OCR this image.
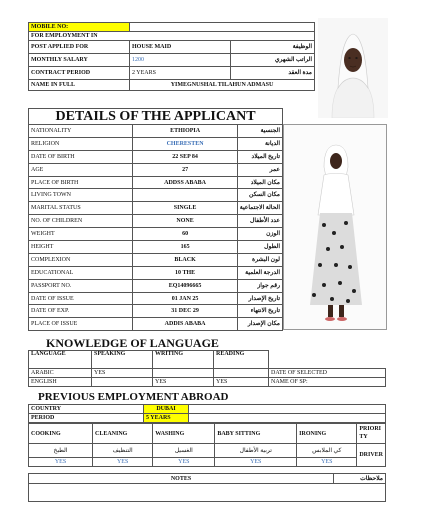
MOBILE NO:		
FOR EMPLOYMENT IN		
POST APPLIED FOR	HOUSE MAID	الوظيفة
MONTHLY SALARY	1200	الراتب الشهري
CONTRACT PERIOD	2 YEARS	مدة العقد
NAME IN FULL	YIMEGNUSHAL TILAHUN ADMASU	
DETAILS OF THE APPLICANT
NATIONALITY	ETHIOPIA	الجنسية
RELIGION	CHERESTEN	الديانة
DATE OF BIRTH	22 SEP 84	تاريخ الميلاد
AGE	27	عمر
PLACE OF BIRTH	ADDSS ABABA	مكان الميلاد
LIVING TOWN		مكان السكن
MARITAL STATUS	SINGLE	الحالة الاجتماعية
NO. OF CHILDREN	NONE	عدد الأطفال
WEIGHT	60	الوزن
HEIGHT	165	الطول
COMPLEXION	BLACK	لون البشرة
EDUCATIONAL	10 THE	الدرجة العلمية
PASSPORT NO.	EQ14096665	رقم جواز
DATE OF ISSUE	01 JAN 25	تاريخ الإصدار
DATE OF EXP.	31 DEC 29	تاريخ الانتهاء
PLACE OF ISSUE	ADDIS ABABA	مكان الإصدار
KNOWLEDGE OF LANGUAGE
LANGUAGE	SPEAKING	WRITING	READING	
ARABIC	YES			DATE OF SELECTED
ENGLISH		YES	YES	NAME OF SP:
PREVIOUS EMPLOYMENT ABROAD
COUNTRY	DUBAI	
PERIOD	5 YEARS	
COOKING	CLEANING	WASHING	BABY SITTING	IRONING	PRIORI TY
الطبخ	التنظيف	الغسيل	تربية الأطفال	كي الملابس	DRIVER
YES	YES	YES	YES	YES	
NOTES	ملاحظات
